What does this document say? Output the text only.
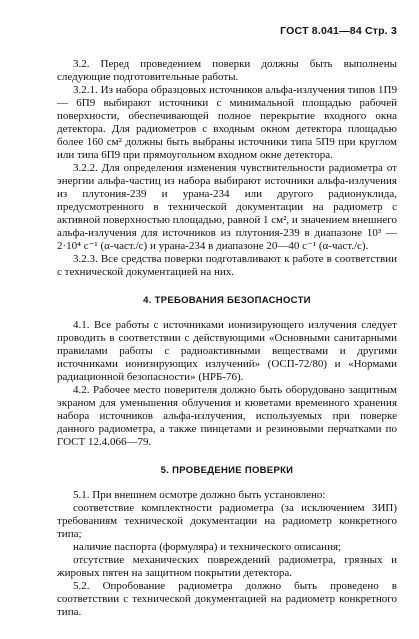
ГОСТ 8.041—84 Стр. 3

3.2. Перед проведением поверки должны быть выполнены следующие подготовительные работы.

3.2.1. Из набора образцовых источников альфа-излучения типов 1П9 — 6П9 выбирают источники с минимальной площадью рабочей поверхности, обеспечивающей полное перекрытие входного окна детектора. Для радиометров с входным окном детектора площадью более 160 см² должны быть выбраны источники типа 5П9 при круглом или типа 6П9 при прямоугольном входном окне детектора.

3.2.2. Для определения изменения чувствительности радиометра от энергии альфа-частиц из набора выбирают источники альфа-излучения из плутония-239 и урана-234 или другого радионуклида, предусмотренного в технической документации на радиометр с активной поверхностью площадью, равной 1 см², и значением внешнего альфа-излучения для источников из плутония-239 в диапазоне 10³ — 2·10⁴ с⁻¹ (α-част./с) и урана-234 в диапазоне 20—40 с⁻¹ (α-част./с).

3.2.3. Все средства поверки подготавливают к работе в соответствии с технической документацией на них.

4. ТРЕБОВАНИЯ БЕЗОПАСНОСТИ

4.1. Все работы с источниками ионизирующего излучения следует проводить в соответствии с действующими «Основными санитарными правилами работы с радиоактивными веществами и другими источниками ионизирующих излучений» (ОСП-72/80) и «Нормами радиационной безопасности» (НРБ-76).

4.2. Рабочее место поверителя должно быть оборудовано защитным экраном для уменьшения облучения и кюветами временного хранения набора источников альфа-излучения, используемых при поверке данного радиометра, а также пинцетами и резиновыми перчатками по ГОСТ 12.4.066—79.

5. ПРОВЕДЕНИЕ ПОВЕРКИ

5.1. При внешнем осмотре должно быть установлено:

соответствие комплектности радиометра (за исключением ЗИП) требованиям технической документации на радиометр конкретного типа;

наличие паспорта (формуляра) и технического описания;

отсутствие механических повреждений радиометра, грязных и жировых пятен на защитном покрытии детектора.

5.2. Опробование радиометра должно быть проведено в соответствии с технической документацией на радиометр конкретного типа.
